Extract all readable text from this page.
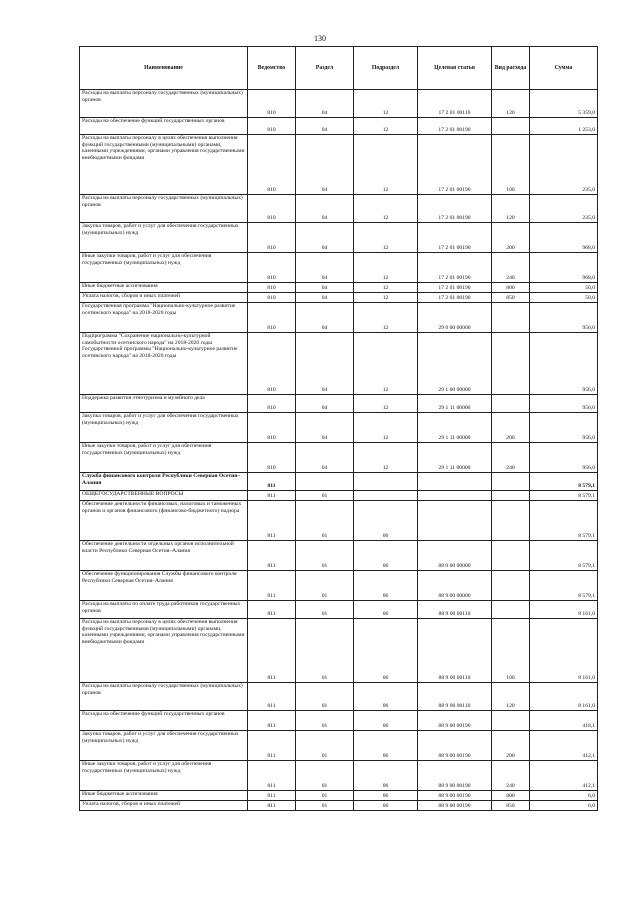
130
Наименование	Ведомство	Раздел	Подраздел	Целевая статья	Вид расхода	Сумма
Расходы на выплаты персоналу государственных (муниципальных) органов	810	04	12	17 2 01 00110	120	5 359,0
Расходы на обеспечение функций государственных органов	810	04	12	17 2 01 00190		1 253,0
Расходы на выплаты персоналу в целях обеспечения выполнения функций государственными (муниципальными) органами, казенными учреждениями, органами управления государственными внебюджетными фондами	810	04	12	17 2 01 00190	100	235,0
Расходы на выплаты персоналу государственных (муниципальных) органов	810	04	12	17 2 01 00190	120	235,0
Закупка товаров, работ и услуг для обеспечения государственных (муниципальных) нужд	810	04	12	17 2 01 00190	200	968,0
Иные закупки товаров, работ и услуг для обеспечения государственных (муниципальных) нужд	810	04	12	17 2 01 00190	240	968,0
Иные бюджетные ассигнования	810	04	12	17 2 01 00190	800	50,0
Уплата налогов, сборов и иных платежей	810	04	12	17 2 01 00190	850	50,0
Государственная программа "Национально-культурное развитие осетинского народа" на 2018-2020 годы	810	04	12	29 0 00 00000		956,0
Подпрограмма "Сохранение национально-культурной самобытности осетинского народа" на 2018-2020 годы Государственной программы "Национально-культурное развитие осетинского народа" на 2018-2020 годы	810	04	12	29 1 00 00000		956,0
Поддержка развития этнотуризма и музейного дела	810	04	12	29 1 11 00000		956,0
Закупка товаров, работ и услуг для обеспечения государственных (муниципальных) нужд	810	04	12	29 1 11 00000	200	956,0
Иные закупки товаров, работ и услуг для обеспечения государственных (муниципальных) нужд	810	04	12	29 1 11 00000	240	956,0
Служба финансового контроля Республики Северная Осетия–Алания	811					8 579,1
ОБЩЕГОСУДАРСТВЕННЫЕ ВОПРОСЫ	811	01				8 579,1
Обеспечение деятельности финансовых, налоговых и таможенных органов и органов финансового (финансово-бюджетного) надзора	811	01	06			8 579,1
Обеспечение деятельности отдельных органов исполнительной власти Республики Северная Осетия–Алания	811	01	06	88 0 00 00000		8 579,1
Обеспечение функционирования Службы финансового контроля Республики Северная Осетия–Алания	811	01	06	88 9 00 00000		8 579,1
Расходы на выплаты по оплате труда работников государственных органов	811	01	06	88 9 00 00110		8 161,0
Расходы на выплаты персоналу в целях обеспечения выполнения функций государственными (муниципальными) органами, казенными учреждениями, органами управления государственными внебюджетными фондами	811	01	06	88 9 00 00110	100	8 161,0
Расходы на выплаты персоналу государственных (муниципальных) органов	811	01	06	88 9 00 00110	120	8 161,0
Расходы на обеспечение функций государственных органов	811	01	06	88 9 00 00190		418,1
Закупка товаров, работ и услуг для обеспечения государственных (муниципальных) нужд	811	01	06	88 9 00 00190	200	412,1
Иные закупки товаров, работ и услуг для обеспечения государственных (муниципальных) нужд	811	01	06	88 9 00 00190	240	412,1
Иные бюджетные ассигнования	811	01	06	88 9 00 00190	800	6,0
Уплата налогов, сборов и иных платежей	811	01	06	88 9 00 00190	850	6,0
